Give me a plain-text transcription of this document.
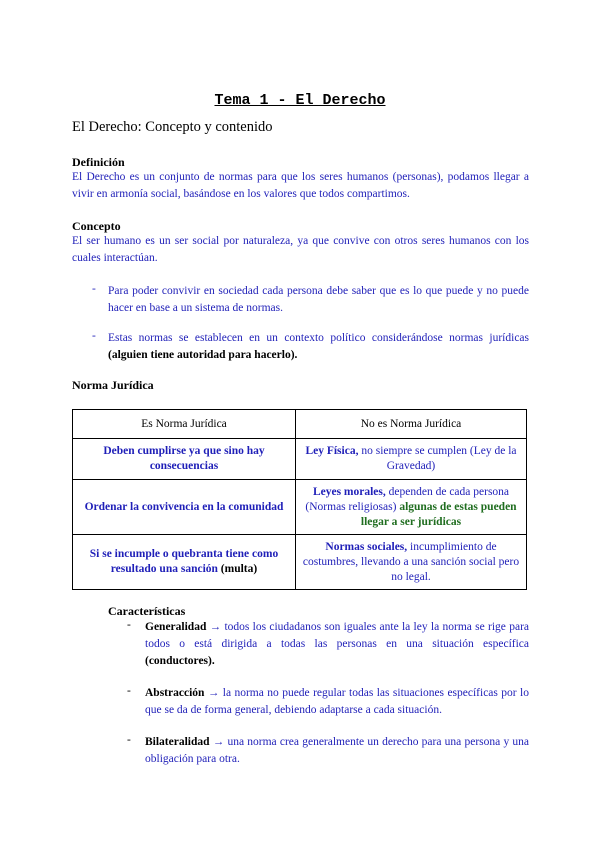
Tema 1 - El Derecho
El Derecho: Concepto y contenido
Definición
El Derecho es un conjunto de normas para que los seres humanos (personas), podamos llegar a vivir en armonía social, basándose en los valores que todos compartimos.
Concepto
El ser humano es un ser social por naturaleza, ya que convive con otros seres humanos con los cuales interactúan.
- Para poder convivir en sociedad cada persona debe saber que es lo que puede y no puede hacer en base a un sistema de normas.
- Estas normas se establecen en un contexto político considerándose normas jurídicas (alguien tiene autoridad para hacerlo).
Norma Jurídica
Es Norma Jurídica	No es Norma Jurídica
Deben cumplirse ya que sino hay consecuencias	Ley Física, no siempre se cumplen (Ley de la Gravedad)
Ordenar la convivencia en la comunidad	Leyes morales, dependen de cada persona (Normas religiosas) algunas de estas pueden llegar a ser jurídicas
Si se incumple o quebranta tiene como resultado una sanción (multa)	Normas sociales, incumplimiento de costumbres, llevando a una sanción social pero no legal.
Características
- Generalidad → todos los ciudadanos son iguales ante la ley la norma se rige para todos o está dirigida a todas las personas en una situación específica (conductores).
- Abstracción → la norma no puede regular todas las situaciones específicas por lo que se da de forma general, debiendo adaptarse a cada situación.
- Bilateralidad → una norma crea generalmente un derecho para una persona y una obligación para otra.
